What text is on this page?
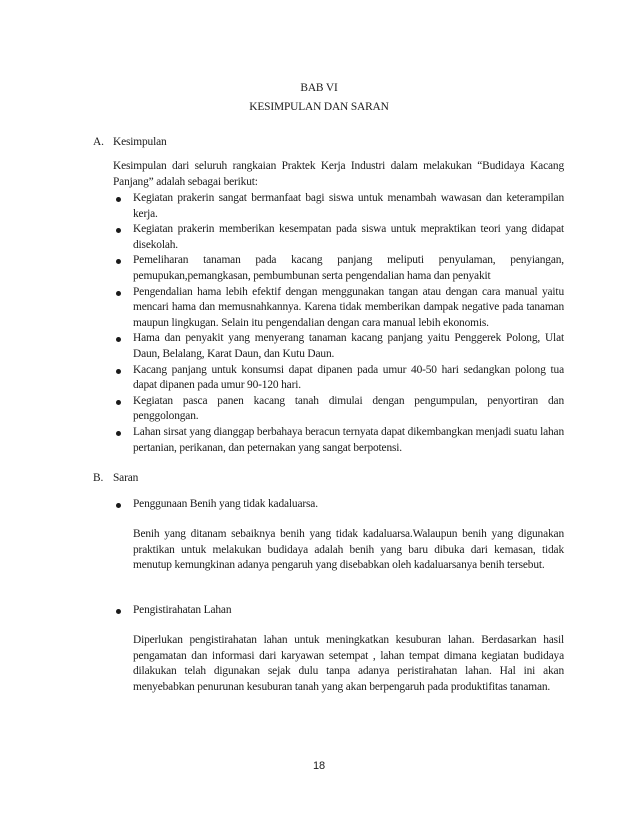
BAB VI
KESIMPULAN DAN SARAN
A. Kesimpulan

Kesimpulan dari seluruh rangkaian Praktek Kerja Industri dalam melakukan “Budidaya Kacang Panjang” adalah sebagai berikut:

Kegiatan prakerin sangat bermanfaat bagi siswa untuk menambah wawasan dan keterampilan kerja.
Kegiatan prakerin memberikan kesempatan pada siswa untuk mepraktikan teori yang didapat disekolah.
Pemeliharan tanaman pada kacang panjang meliputi penyulaman, penyiangan, pemupukan,pemangkasan, pembumbunan serta pengendalian hama dan penyakit
Pengendalian hama lebih efektif dengan menggunakan tangan atau dengan cara manual yaitu mencari hama dan memusnahkannya. Karena tidak memberikan dampak negative pada tanaman maupun lingkugan. Selain itu pengendalian dengan cara manual lebih ekonomis.
Hama dan penyakit yang menyerang tanaman kacang panjang yaitu Penggerek Polong, Ulat Daun, Belalang, Karat Daun, dan Kutu Daun.
Kacang panjang untuk konsumsi dapat dipanen pada umur 40-50 hari sedangkan polong tua dapat dipanen pada umur 90-120 hari.
Kegiatan pasca panen kacang tanah dimulai dengan pengumpulan, penyortiran dan penggolongan.
Lahan sirsat yang dianggap berbahaya beracun ternyata dapat dikembangkan menjadi suatu lahan pertanian, perikanan, dan peternakan yang sangat berpotensi.
B. Saran
Penggunaan Benih yang tidak kadaluarsa.

Benih yang ditanam sebaiknya benih yang tidak kadaluarsa.Walaupun benih yang digunakan praktikan untuk melakukan budidaya adalah benih yang baru dibuka dari kemasan, tidak menutup kemungkinan adanya pengaruh yang disebabkan oleh kadaluarsanya benih tersebut.

Pengistirahatan Lahan

Diperlukan pengistirahatan lahan untuk meningkatkan kesuburan lahan. Berdasarkan hasil pengamatan dan informasi dari karyawan setempat , lahan tempat dimana kegiatan budidaya dilakukan telah digunakan sejak dulu tanpa adanya peristirahatan lahan. Hal ini akan menyebabkan penurunan kesuburan tanah yang akan berpengaruh pada produktifitas tanaman.

18
